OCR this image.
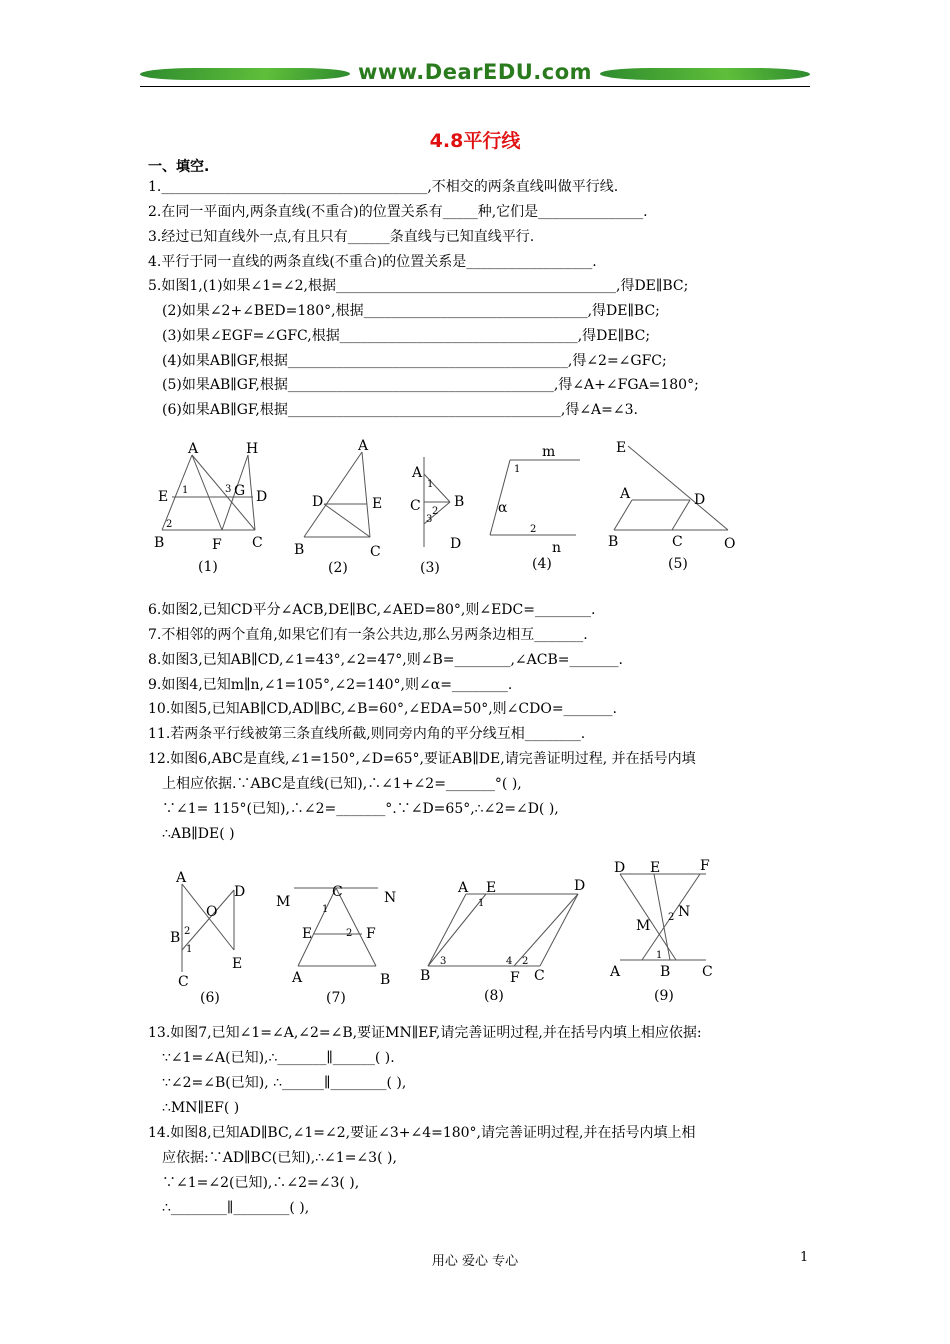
www.DearEDU.com
4.8平行线
一、填空.
1.______________________________________,不相交的两条直线叫做平行线.
2.在同一平面内,两条直线(不重合)的位置关系有_____种,它们是_______________.
3.经过已知直线外一点,有且只有______条直线与已知直线平行.
4.平行于同一直线的两条直线(不重合)的位置关系是__________________.
5.如图1,(1)如果∠1=∠2,根据________________________________________,得DE∥BC;
(2)如果∠2+∠BED=180°,根据________________________________,得DE∥BC;
(3)如果∠EGF=∠GFC,根据__________________________________,得DE∥BC;
(4)如果AB∥GF,根据________________________________________,得∠2=∠GFC;
(5)如果AB∥GF,根据______________________________________,得∠A+∠FGA=180°;
(6)如果AB∥GF,根据_______________________________________,得∠A=∠3.
A	H
E	G D
B	F C
1
2
3
(1)
A
D	E
B	C
(2)
A
C B
D
1
2
3
(3)
m
n
α
1
2
(4)
E
A	D
B	C	O
(5)
6.如图2,已知CD平分∠ACB,DE∥BC,∠AED=80°,则∠EDC=________.
7.不相邻的两个直角,如果它们有一条公共边,那么另两条边相互_______.
8.如图3,已知AB∥CD,∠1=43°,∠2=47°,则∠B=________,∠ACB=_______.
9.如图4,已知m∥n,∠1=105°,∠2=140°,则∠α=________.
10.如图5,已知AB∥CD,AD∥BC,∠B=60°,∠EDA=50°,则∠CDO=_______.
11.若两条平行线被第三条直线所截,则同旁内角的平分线互相________.
12.如图6,ABC是直线,∠1=150°,∠D=65°,要证AB∥DE,请完善证明过程, 并在括号内填
上相应依据.∵ABC是直线(已知),∴∠1+∠2=_______°( ),
∵∠1= 115°(已知),∴∠2=_______°.∵∠D=65°,∴∠2=∠D( ),
∴AB∥DE( )
A
D
O
B
C
E
2
1
(6)
M
C	N
E	F
A	B
1
2
(7)
A E	D
B	F C
1
2
3	4
(8)
D E	F
M
N
A	B C
1
2
(9)
13.如图7,已知∠1=∠A,∠2=∠B,要证MN∥EF,请完善证明过程,并在括号内填上相应依据:
∵∠1=∠A(已知),∴_______∥______( ).
∵∠2=∠B(已知), ∴______∥________( ),
∴MN∥EF( )
14.如图8,已知AD∥BC,∠1=∠2,要证∠3+∠4=180°,请完善证明过程,并在括号内填上相
应依据:∵AD∥BC(已知),∴∠1=∠3( ),
∵∠1=∠2(已知),∴∠2=∠3( ),
∴________∥________( ),
用心 爱心 专心	1
